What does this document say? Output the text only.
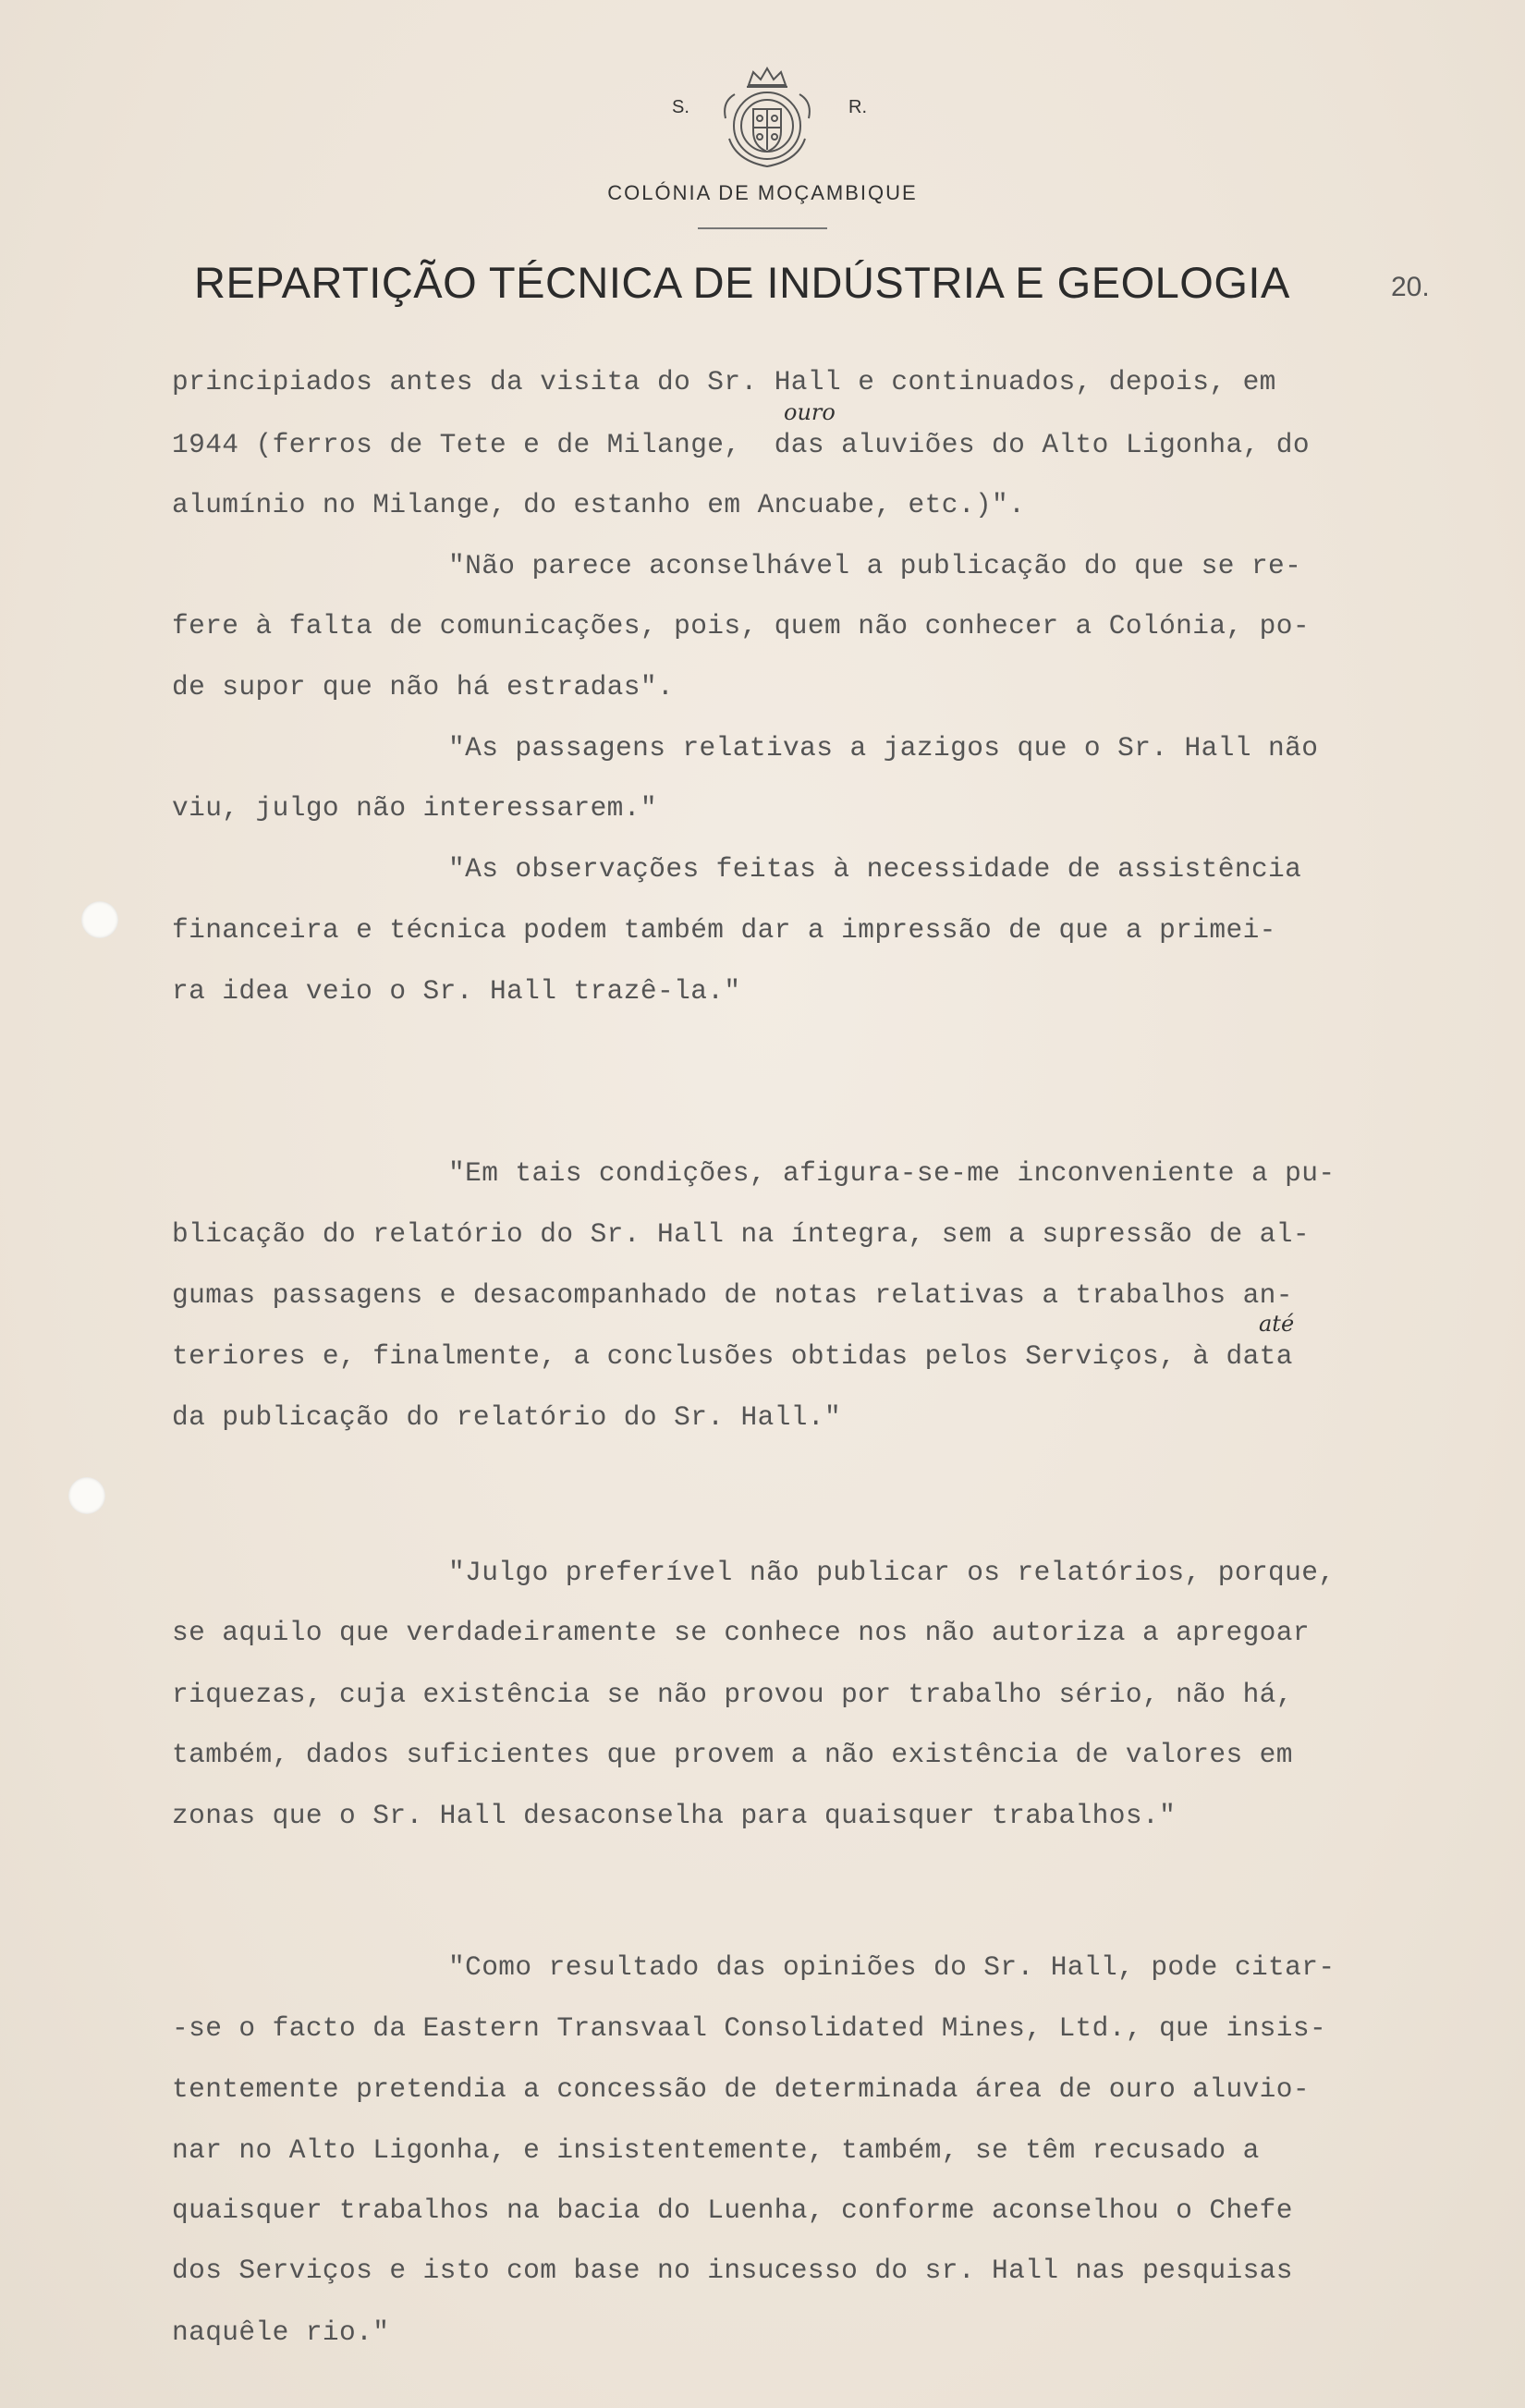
S.	R.
COLÓNIA DE MOÇAMBIQUE
REPARTIÇÃO TÉCNICA DE INDÚSTRIA E GEOLOGIA	20.
ouro
até
principiados antes da visita do Sr. Hall e continuados, depois, em
1944 (ferros de Tete e de Milange,  das aluviões do Alto Ligonha, do
alumínio no Milange, do estanho em Ancuabe, etc.)".
"Não parece aconselhável a publicação do que se re-
fere à falta de comunicações, pois, quem não conhecer a Colónia, po-
de supor que não há estradas".
"As passagens relativas a jazigos que o Sr. Hall não
viu, julgo não interessarem."
"As observações feitas à necessidade de assistência
financeira e técnica podem também dar a impressão de que a primei-
ra idea veio o Sr. Hall trazê-la."
"Em tais condições, afigura-se-me inconveniente a pu-
blicação do relatório do Sr. Hall na íntegra, sem a supressão de al-
gumas passagens e desacompanhado de notas relativas a trabalhos an-
teriores e, finalmente, a conclusões obtidas pelos Serviços, à data
da publicação do relatório do Sr. Hall."
"Julgo preferível não publicar os relatórios, porque,
se aquilo que verdadeiramente se conhece nos não autoriza a apregoar
riquezas, cuja existência se não provou por trabalho sério, não há,
também, dados suficientes que provem a não existência de valores em
zonas que o Sr. Hall desaconselha para quaisquer trabalhos."
"Como resultado das opiniões do Sr. Hall, pode citar-
-se o facto da Eastern Transvaal Consolidated Mines, Ltd., que insis-
tentemente pretendia a concessão de determinada área de ouro aluvio-
nar no Alto Ligonha, e insistentemente, também, se têm recusado a
quaisquer trabalhos na bacia do Luenha, conforme aconselhou o Chefe
dos Serviços e isto com base no insucesso do sr. Hall nas pesquisas
naquêle rio."
